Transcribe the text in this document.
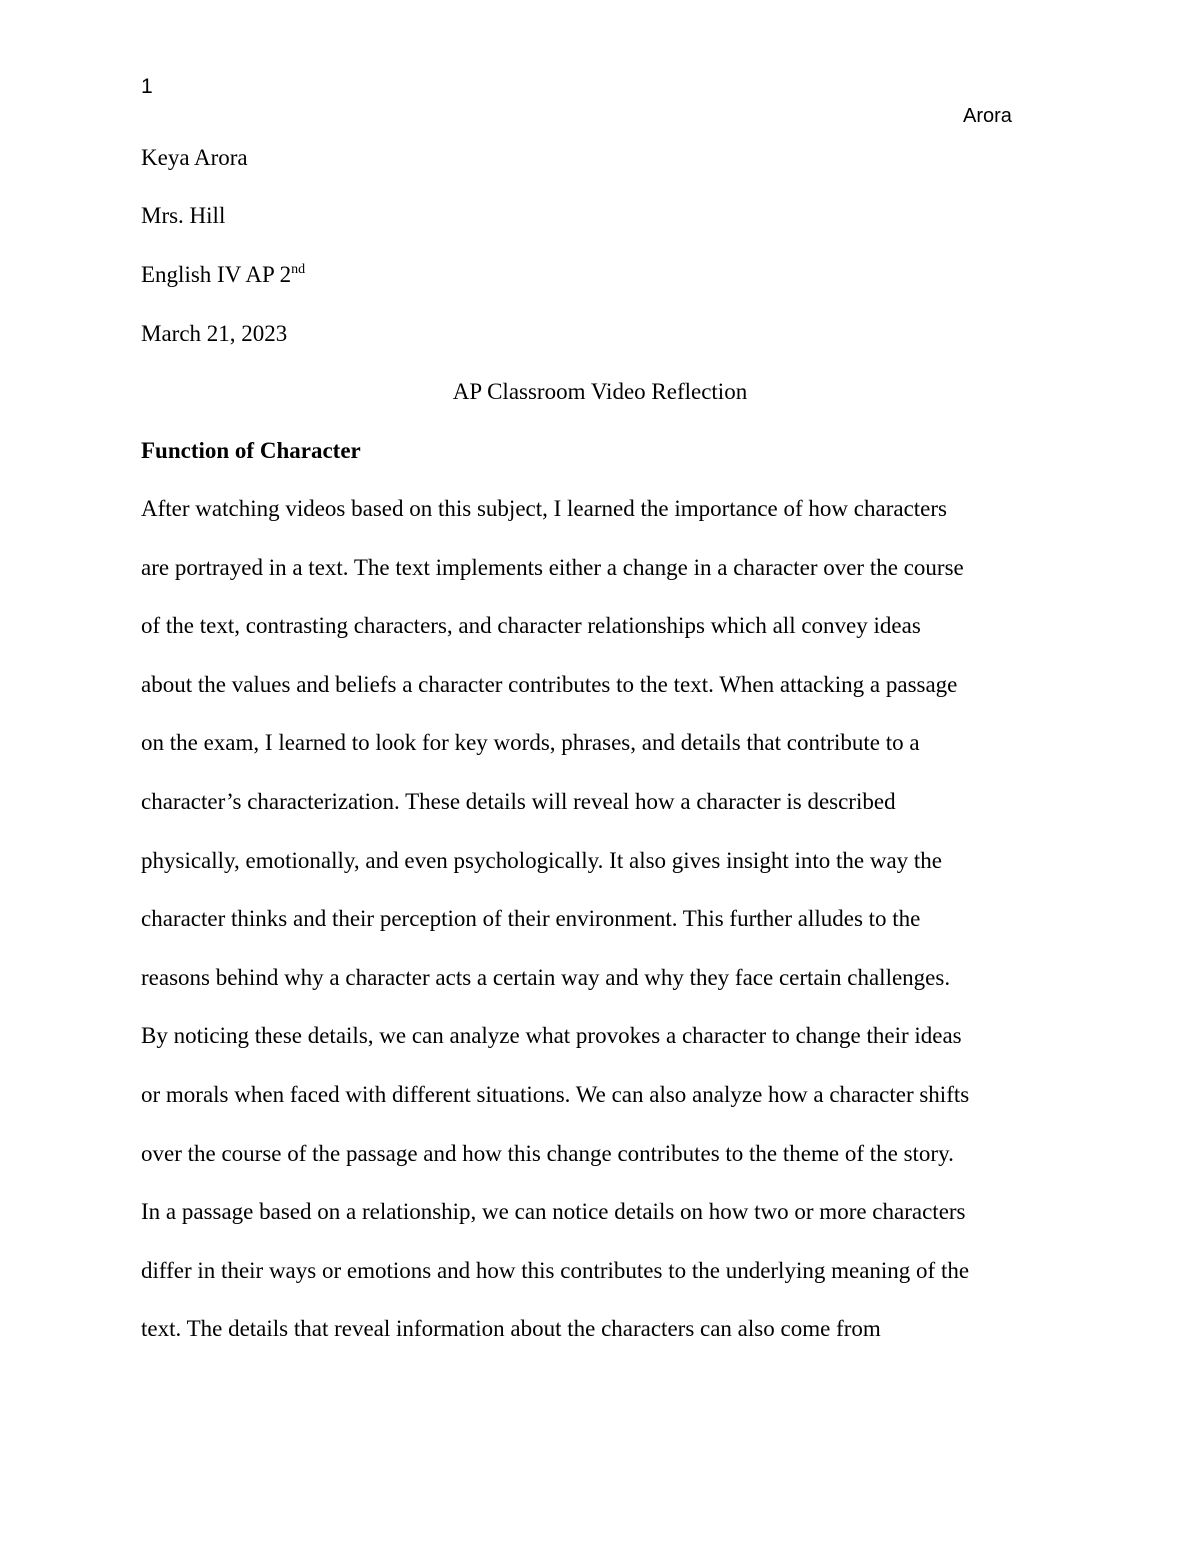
1
Arora
Keya Arora
Mrs. Hill
English IV AP 2nd
March 21, 2023
AP Classroom Video Reflection
Function of Character
After watching videos based on this subject, I learned the importance of how characters
are portrayed in a text. The text implements either a change in a character over the course
of the text, contrasting characters, and character relationships which all convey ideas
about the values and beliefs a character contributes to the text. When attacking a passage
on the exam, I learned to look for key words, phrases, and details that contribute to a
character’s characterization. These details will reveal how a character is described
physically, emotionally, and even psychologically. It also gives insight into the way the
character thinks and their perception of their environment. This further alludes to the
reasons behind why a character acts a certain way and why they face certain challenges.
By noticing these details, we can analyze what provokes a character to change their ideas
or morals when faced with different situations. We can also analyze how a character shifts
over the course of the passage and how this change contributes to the theme of the story.
In a passage based on a relationship, we can notice details on how two or more characters
differ in their ways or emotions and how this contributes to the underlying meaning of the
text. The details that reveal information about the characters can also come from
